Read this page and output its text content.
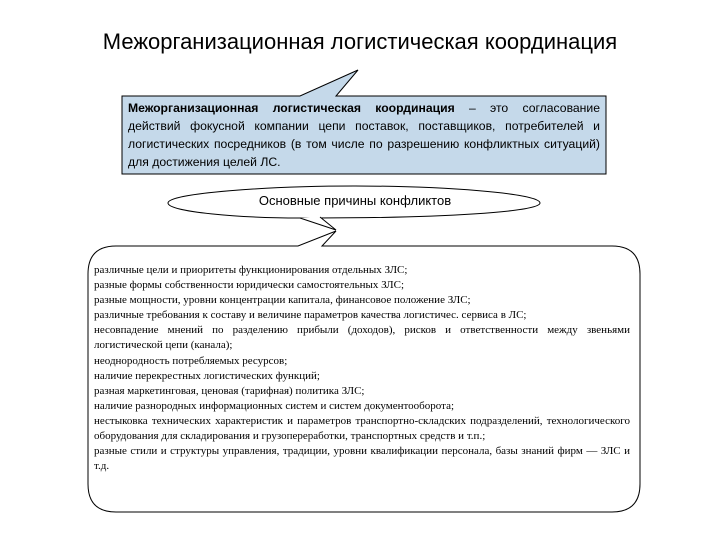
Межорганизационная логистическая координация
Межорганизационная логистическая координация – это согласование действий фокусной компании цепи поставок, поставщиков, потребителей и логистических посредников (в том числе по разрешению конфликтных ситуаций) для достижения целей ЛС.
Основные причины конфликтов
различные цели и приоритеты функционирования отдельных ЗЛС;
разные формы собственности юридически самостоятельных ЗЛС;
разные мощности, уровни концентрации капитала, финансовое положение ЗЛС;
различные требования к составу и величине параметров качества логистичес. сервиса в ЛС;
несовпадение мнений по разделению прибыли (доходов), рисков и ответственности между звеньями логистической цепи (канала);
неоднородность потребляемых ресурсов;
наличие перекрестных логистических функций;
разная маркетинговая, ценовая (тарифная) политика ЗЛС;
наличие разнородных информационных систем и систем документооборота;
нестыковка технических характеристик и параметров транспортно-складских подразделений, технологического оборудования для складирования и грузопереработки, транспортных средств и т.п.;
разные стили и структуры управления, традиции, уровни квалификации персонала, базы знаний фирм — ЗЛС и т.д.
